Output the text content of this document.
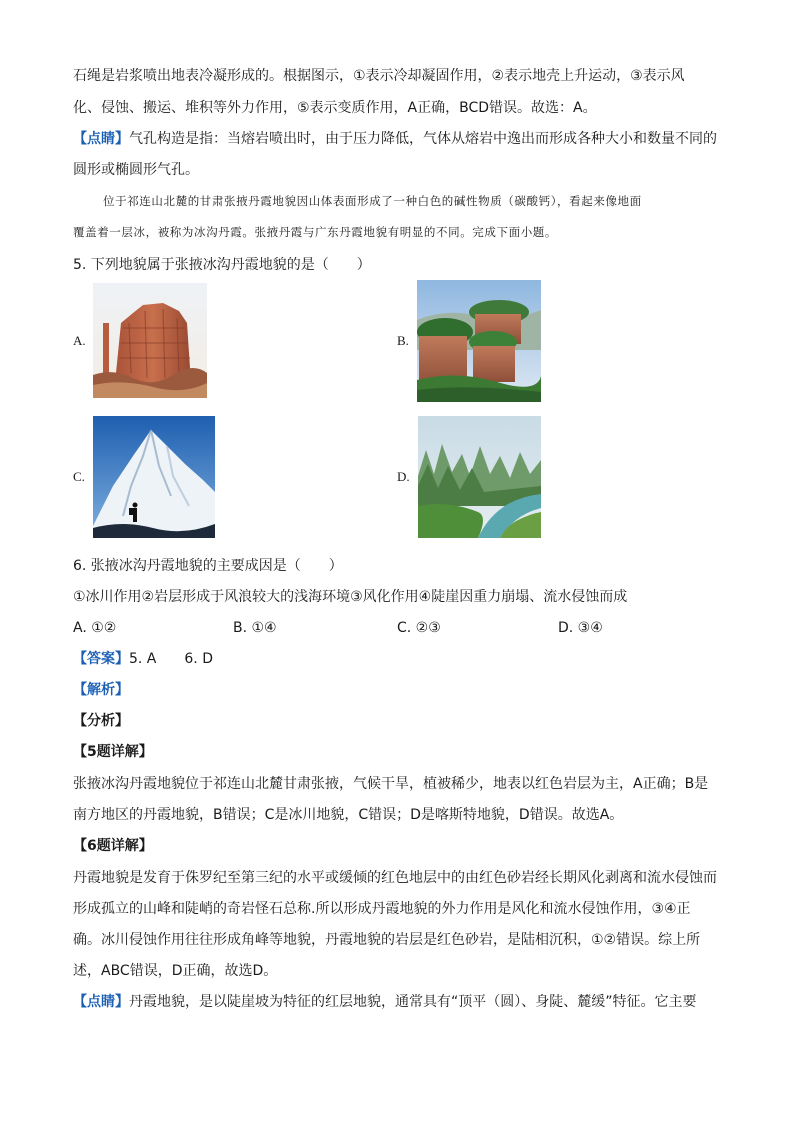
石绳是岩浆喷出地表冷凝形成的。根据图示，①表示冷却凝固作用，②表示地壳上升运动，③表示风
化、侵蚀、搬运、堆积等外力作用，⑤表示变质作用，A正确，BCD错误。故选：A。
【点睛】气孔构造是指：当熔岩喷出时，由于压力降低，气体从熔岩中逸出而形成各种大小和数量不同的
圆形或椭圆形气孔。
位于祁连山北麓的甘肃张掖丹霞地貌因山体表面形成了一种白色的碱性物质（碳酸钙），看起来像地面
覆盖着一层冰，被称为冰沟丹霞。张掖丹霞与广东丹霞地貌有明显的不同。完成下面小题。
5. 下列地貌属于张掖冰沟丹霞地貌的是（　　）
A.	B.
C.	D.
6. 张掖冰沟丹霞地貌的主要成因是（　　）
①冰川作用②岩层形成于风浪较大的浅海环境③风化作用④陡崖因重力崩塌、流水侵蚀而成
A. ①②	B. ①④	C. ②③	D. ③④
【答案】5. A　　6. D
【解析】
【分析】
【5题详解】
张掖冰沟丹霞地貌位于祁连山北麓甘肃张掖，气候干旱，植被稀少，地表以红色岩层为主，A正确；B是
南方地区的丹霞地貌，B错误；C是冰川地貌，C错误；D是喀斯特地貌，D错误。故选A。
【6题详解】
丹霞地貌是发育于侏罗纪至第三纪的水平或缓倾的红色地层中的由红色砂岩经长期风化剥离和流水侵蚀而
形成孤立的山峰和陡峭的奇岩怪石总称.所以形成丹霞地貌的外力作用是风化和流水侵蚀作用，③④正
确。冰川侵蚀作用往往形成角峰等地貌，丹霞地貌的岩层是红色砂岩，是陆相沉积，①②错误。综上所
述，ABC错误，D正确，故选D。
【点睛】丹霞地貌，是以陡崖坡为特征的红层地貌，通常具有“顶平（圆）、身陡、麓缓”特征。它主要
